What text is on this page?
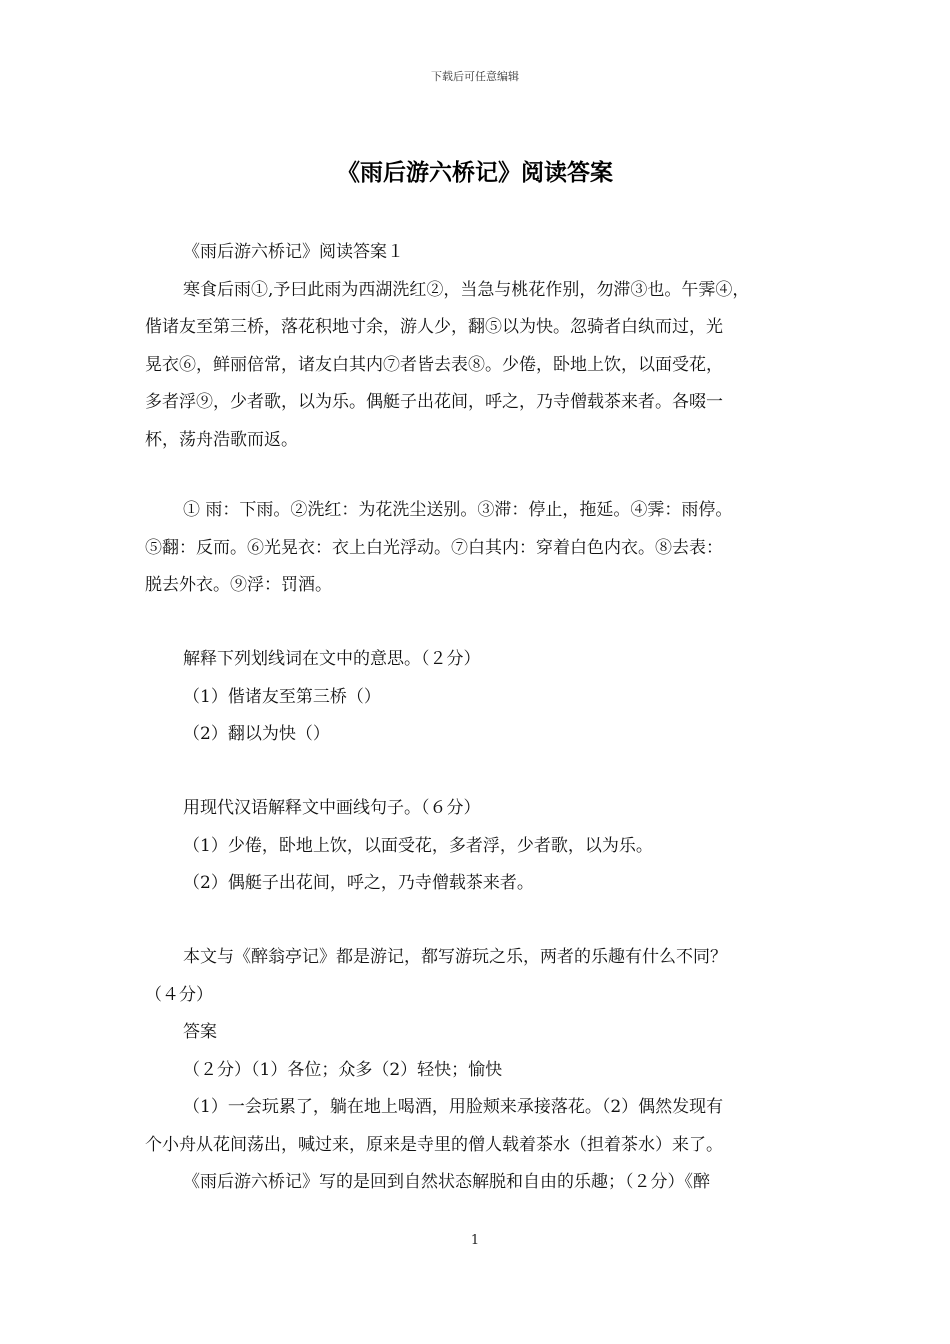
下载后可任意编辑
《雨后游六桥记》阅读答案

《雨后游六桥记》阅读答案１

寒食后雨①,予曰此雨为西湖洗红②，当急与桃花作别，勿滞③也。午霁④，

偕诸友至第三桥，落花积地寸余，游人少，翻⑤以为快。忽骑者白纨而过，光

晃衣⑥，鲜丽倍常，诸友白其内⑦者皆去表⑧。少倦，卧地上饮，以面受花，

多者浮⑨，少者歌，以为乐。偶艇子出花间，呼之，乃寺僧载茶来者。各啜一

杯，荡舟浩歌而返。

① 雨：下雨。②洗红：为花洗尘送别。③滞：停止，拖延。④霁：雨停。

⑤翻：反而。⑥光晃衣：衣上白光浮动。⑦白其内：穿着白色内衣。⑧去表：

脱去外衣。⑨浮：罚酒。

解释下列划线词在文中的意思。（２分）

（1）偕诸友至第三桥（）

（2）翻以为快（）

用现代汉语解释文中画线句子。（６分）

（1）少倦，卧地上饮，以面受花，多者浮，少者歌，以为乐。

（2）偶艇子出花间，呼之，乃寺僧载茶来者。

本文与《醉翁亭记》都是游记，都写游玩之乐，两者的乐趣有什么不同？

（４分）

答案

（２分）（1）各位；众多（2）轻快；愉快

（1）一会玩累了，躺在地上喝酒，用脸颊来承接落花。（2）偶然发现有

个小舟从花间荡出，喊过来，原来是寺里的僧人载着茶水（担着茶水）来了。

《雨后游六桥记》写的是回到自然状态解脱和自由的乐趣；（２分）《醉

1
